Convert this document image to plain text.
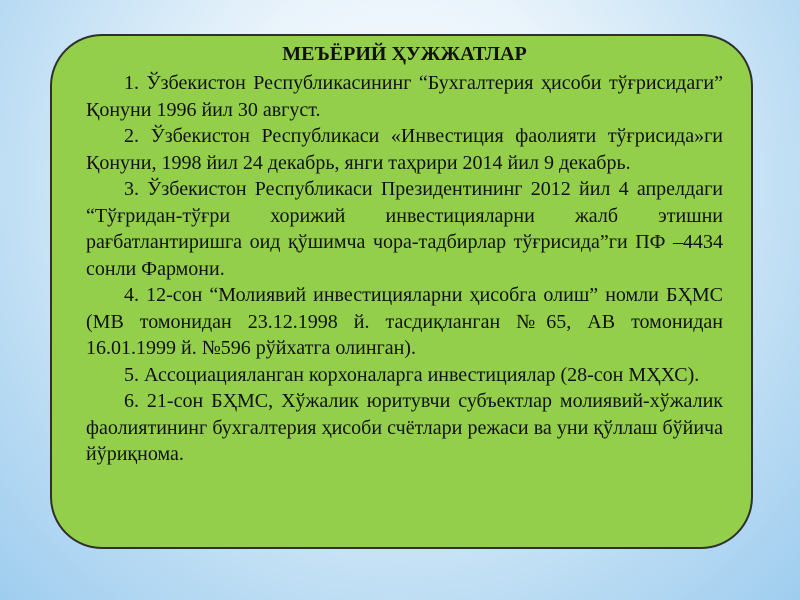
МЕЪЁРИЙ ҲУЖЖАТЛАР

1. Ўзбекистон Республикасининг “Бухгалтерия ҳисоби тўғрисидаги” Қонуни 1996 йил 30 август.

2. Ўзбекистон Республикаси «Инвестиция фаолияти тўғрисида»ги Қонуни, 1998 йил 24 декабрь, янги таҳрири 2014 йил 9 декабрь.

3. Ўзбекистон Республикаси Президентининг 2012 йил 4 апрелдаги “Тўғридан-тўғри хорижий инвестицияларни жалб этишни рағбатлантиришга оид қўшимча чора-тадбирлар тўғрисида”ги ПФ –4434 сонли Фармони.

4. 12-сон “Молиявий инвестицияларни ҳисобга олиш” номли БҲМС (МВ томонидан 23.12.1998 й. тасдиқланган №65, АВ томонидан 16.01.1999 й. №596 рўйхатга олинган).

5. Ассоциацияланган корхоналарга инвестициялар (28-сон МҲХС).

6. 21-сон БҲМС, Хўжалик юритувчи субъектлар молиявий-хўжалик фаолиятининг бухгалтерия ҳисоби счётлари режаси ва уни қўллаш бўйича йўриқнома.
